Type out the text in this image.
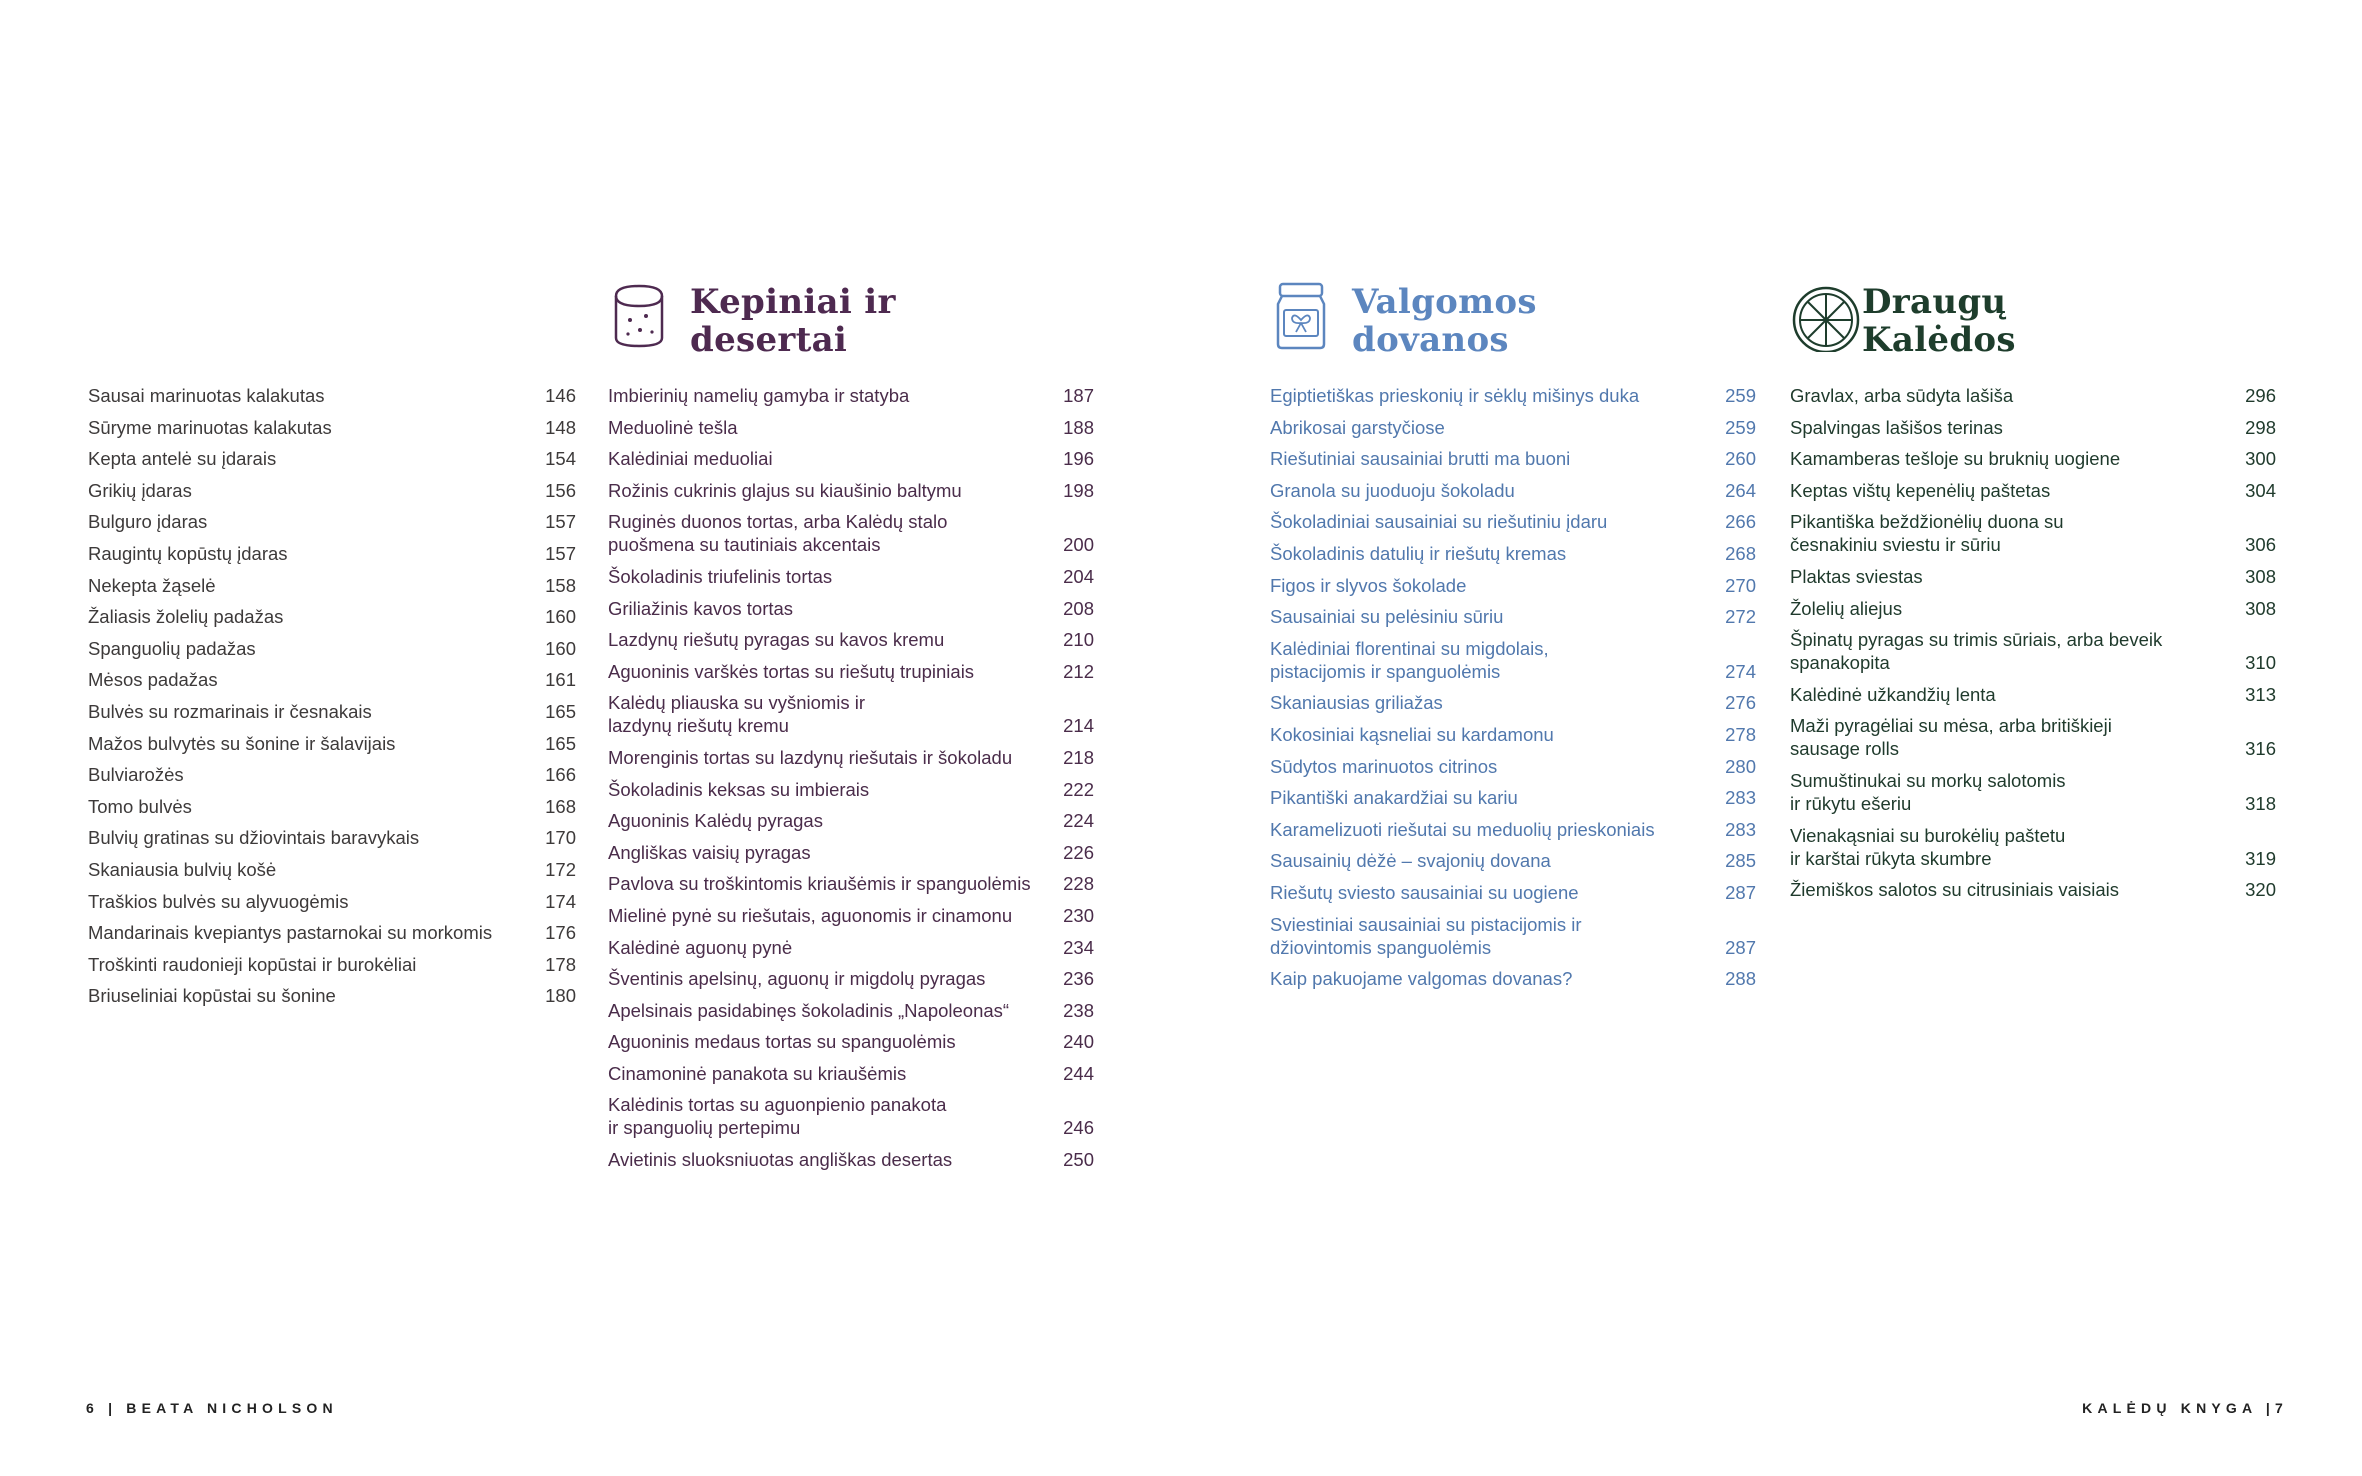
Sausai marinuotas kalakutas	146
Sūryme marinuotas kalakutas	148
Kepta antelė su įdarais	154
Grikių įdaras	156
Bulguro įdaras	157
Raugintų kopūstų įdaras	157
Nekepta žąselė	158
Žaliasis žolelių padažas	160
Spanguolių padažas	160
Mėsos padažas	161
Bulvės su rozmarinais ir česnakais	165
Mažos bulvytės su šonine ir šalavijais	165
Bulviarožės	166
Tomo bulvės	168
Bulvių gratinas su džiovintais baravykais	170
Skaniausia bulvių košė	172
Traškios bulvės su alyvuogėmis	174
Mandarinais kvepiantys pastarnokai su morkomis	176
Troškinti raudonieji kopūstai ir burokėliai	178
Briuseliniai kopūstai su šonine	180
Kepiniai ir
desertai
Imbierinių namelių gamyba ir statyba	187
Meduolinė tešla	188
Kalėdiniai meduoliai	196
Rožinis cukrinis glajus su kiaušinio baltymu	198
Ruginės duonos tortas, arba Kalėdų stalo
puošmena su tautiniais akcentais	200
Šokoladinis triufelinis tortas	204
Griliažinis kavos tortas	208
Lazdynų riešutų pyragas su kavos kremu	210
Aguoninis varškės tortas su riešutų trupiniais	212
Kalėdų pliauska su vyšniomis ir
lazdynų riešutų kremu	214
Morenginis tortas su lazdynų riešutais ir šokoladu	218
Šokoladinis keksas su imbierais	222
Aguoninis Kalėdų pyragas	224
Angliškas vaisių pyragas	226
Pavlova su troškintomis kriaušėmis ir spanguolėmis 228
Mielinė pynė su riešutais, aguonomis ir cinamonu	230
Kalėdinė aguonų pynė	234
Šventinis apelsinų, aguonų ir migdolų pyragas	236
Apelsinais pasidabinęs šokoladinis „Napoleonas“	238
Aguoninis medaus tortas su spanguolėmis	240
Cinamoninė panakota su kriaušėmis	244
Kalėdinis tortas su aguonpienio panakota
ir spanguolių pertepimu	246
Avietinis sluoksniuotas angliškas desertas	250
Valgomos
dovanos
Egiptietiškas prieskonių ir sėklų mišinys duka	259
Abrikosai garstyčiose	259
Riešutiniai sausainiai brutti ma buoni	260
Granola su juoduoju šokoladu	264
Šokoladiniai sausainiai su riešutiniu įdaru	266
Šokoladinis datulių ir riešutų kremas	268
Figos ir slyvos šokolade	270
Sausainiai su pelėsiniu sūriu	272
Kalėdiniai florentinai su migdolais,
pistacijomis ir spanguolėmis	274
Skaniausias griliažas	276
Kokosiniai kąsneliai su kardamonu	278
Sūdytos marinuotos citrinos	280
Pikantiški anakardžiai su kariu	283
Karamelizuoti riešutai su meduolių prieskoniais	283
Sausainių dėžė – svajonių dovana	285
Riešutų sviesto sausainiai su uogiene	287
Sviestiniai sausainiai su pistacijomis ir
džiovintomis spanguolėmis	287
Kaip pakuojame valgomas dovanas?	288
Draugų
Kalėdos
Gravlax, arba sūdyta lašiša	296
Spalvingas lašišos terinas	298
Kamamberas tešloje su bruknių uogiene	300
Keptas vištų kepenėlių paštetas	304
Pikantiška beždžionėlių duona su
česnakiniu sviestu ir sūriu	306
Plaktas sviestas	308
Žolelių aliejus	308
Špinatų pyragas su trimis sūriais, arba beveik
spanakopita	310
Kalėdinė užkandžių lenta	313
Maži pyragėliai su mėsa, arba britiškieji
sausage rolls	316
Sumuštinukai su morkų salotomis
ir rūkytu ešeriu	318
Vienakąsniai su burokėlių paštetu
ir karštai rūkyta skumbre	319
Žiemiškos salotos su citrusiniais vaisiais	320
6 | BEATA NICHOLSON	KALĖDŲ KNYGA |7
